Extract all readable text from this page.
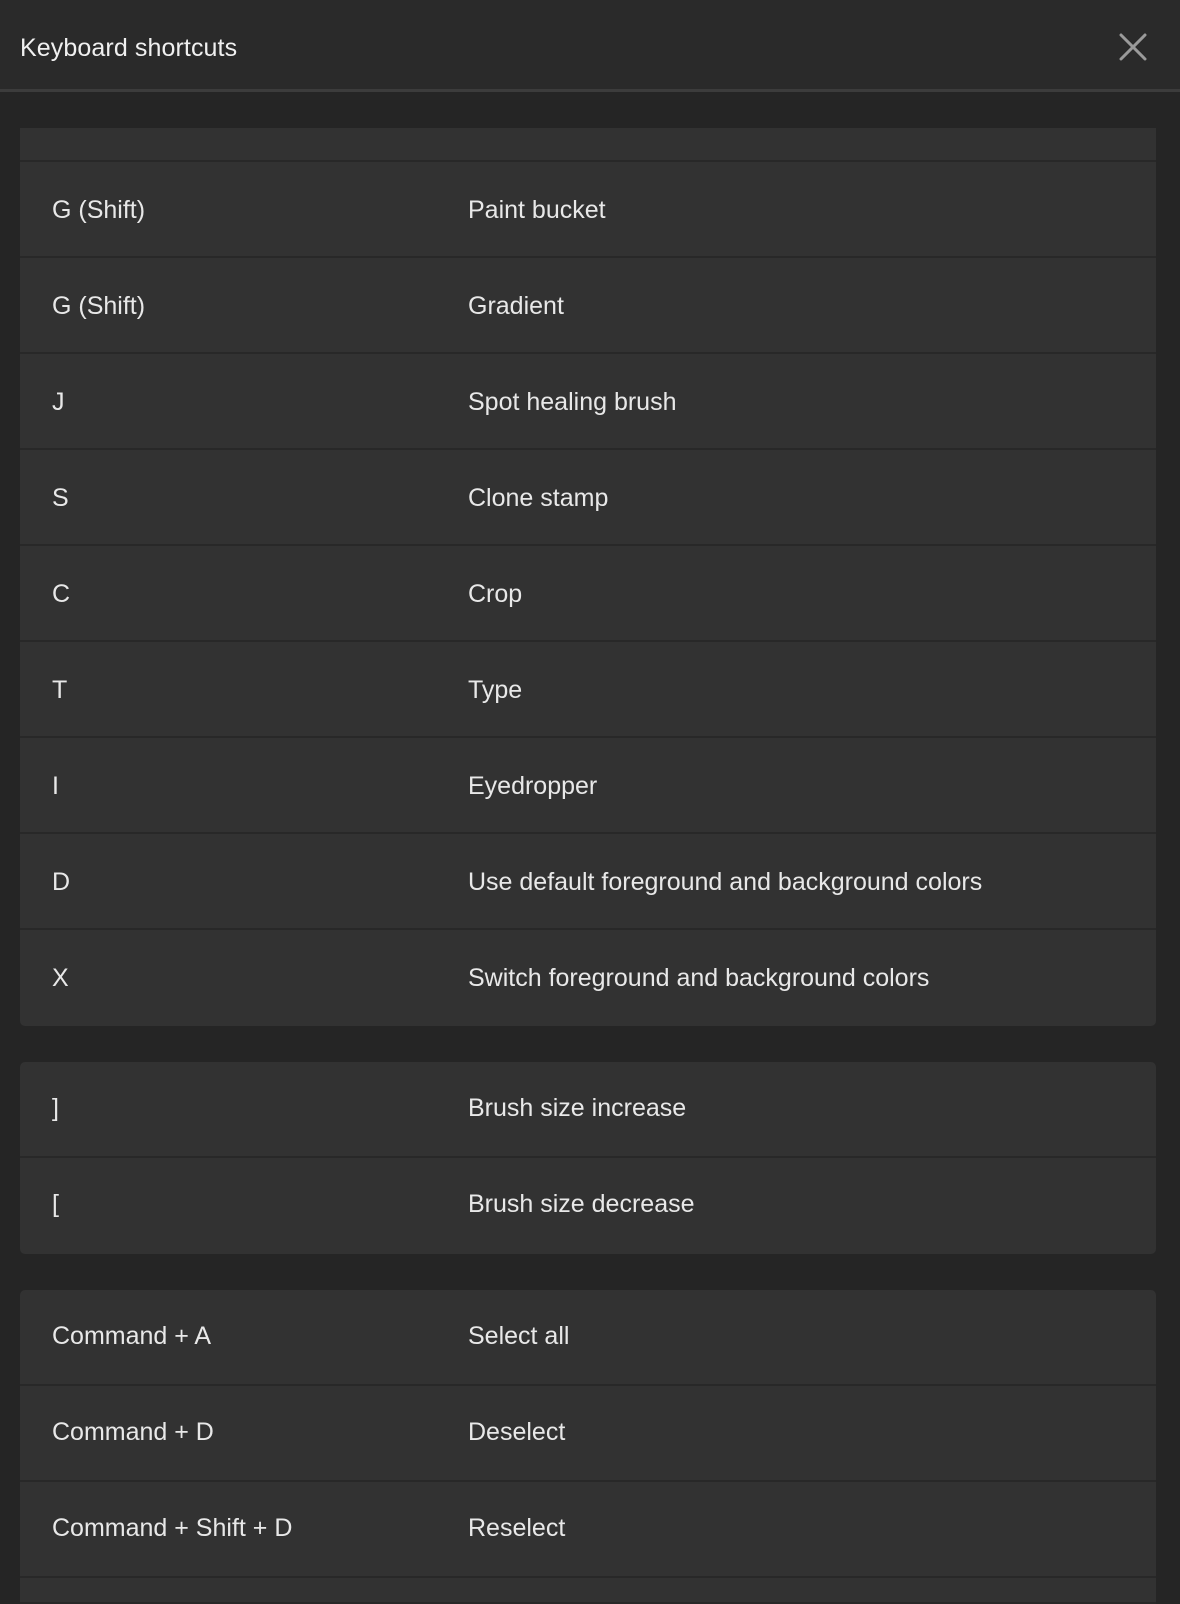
Keyboard shortcuts
G (Shift)	Paint bucket
G (Shift)	Gradient
J	Spot healing brush
S	Clone stamp
C	Crop
T	Type
I	Eyedropper
D	Use default foreground and background colors
X	Switch foreground and background colors
]	Brush size increase
[	Brush size decrease
Command + A	Select all
Command + D	Deselect
Command + Shift + D	Reselect
